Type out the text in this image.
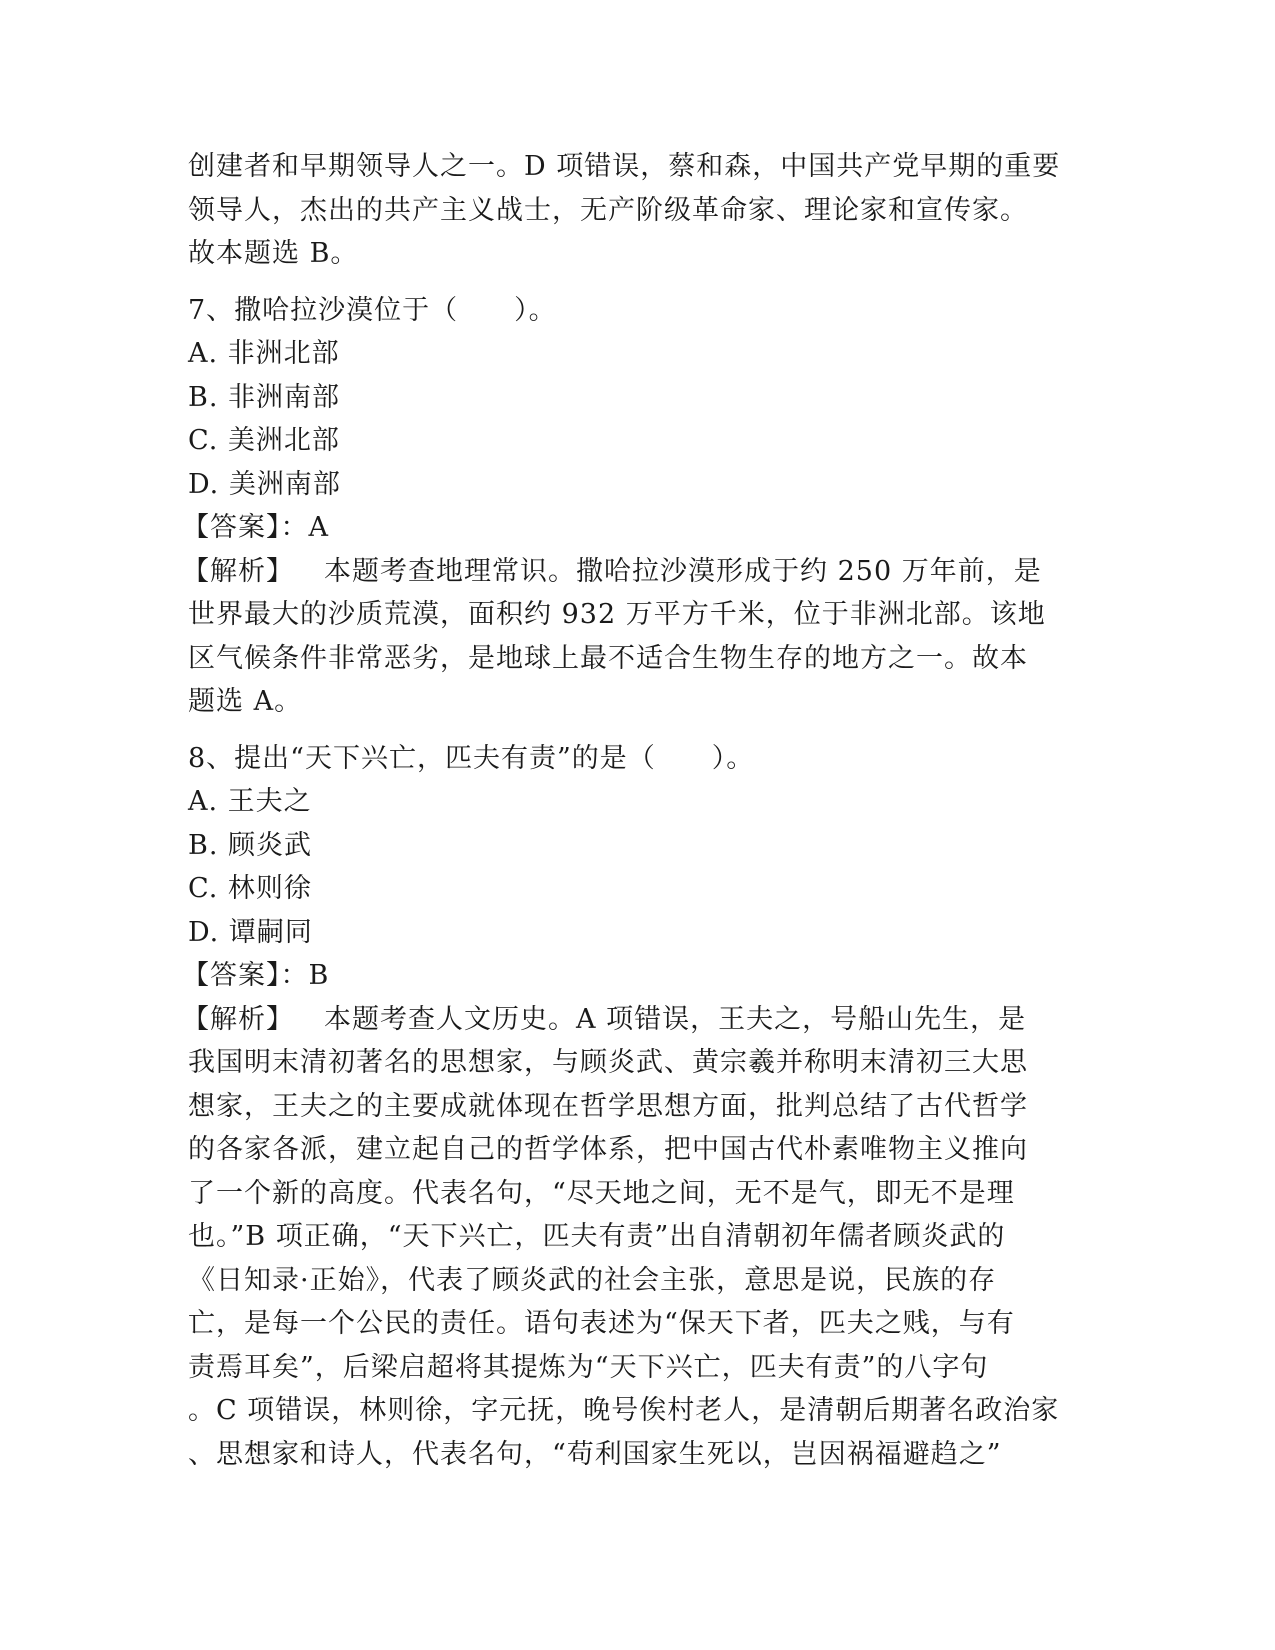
创建者和早期领导人之一。D 项错误，蔡和森，中国共产党早期的重要
领导人，杰出的共产主义战士，无产阶级革命家、理论家和宣传家。
故本题选 B。
7、撒哈拉沙漠位于（　　）。
A. 非洲北部
B. 非洲南部
C. 美洲北部
D. 美洲南部
【答案】：A
【解析】 本题考查地理常识。撒哈拉沙漠形成于约 250 万年前，是
世界最大的沙质荒漠，面积约 932 万平方千米，位于非洲北部。该地
区气候条件非常恶劣，是地球上最不适合生物生存的地方之一。故本
题选 A。
8、提出“天下兴亡，匹夫有责”的是（　　）。
A. 王夫之
B. 顾炎武
C. 林则徐
D. 谭嗣同
【答案】：B
【解析】 本题考查人文历史。A 项错误，王夫之，号船山先生，是
我国明末清初著名的思想家，与顾炎武、黄宗羲并称明末清初三大思
想家，王夫之的主要成就体现在哲学思想方面，批判总结了古代哲学
的各家各派，建立起自己的哲学体系，把中国古代朴素唯物主义推向
了一个新的高度。代表名句，“尽天地之间，无不是气，即无不是理
也。”B 项正确，“天下兴亡，匹夫有责”出自清朝初年儒者顾炎武的
《日知录·正始》，代表了顾炎武的社会主张，意思是说，民族的存
亡，是每一个公民的责任。语句表述为“保天下者，匹夫之贱，与有
责焉耳矣”，后梁启超将其提炼为“天下兴亡，匹夫有责”的八字句
。C 项错误，林则徐，字元抚，晚号俟村老人，是清朝后期著名政治家
、思想家和诗人，代表名句，“苟利国家生死以，岂因祸福避趋之”
